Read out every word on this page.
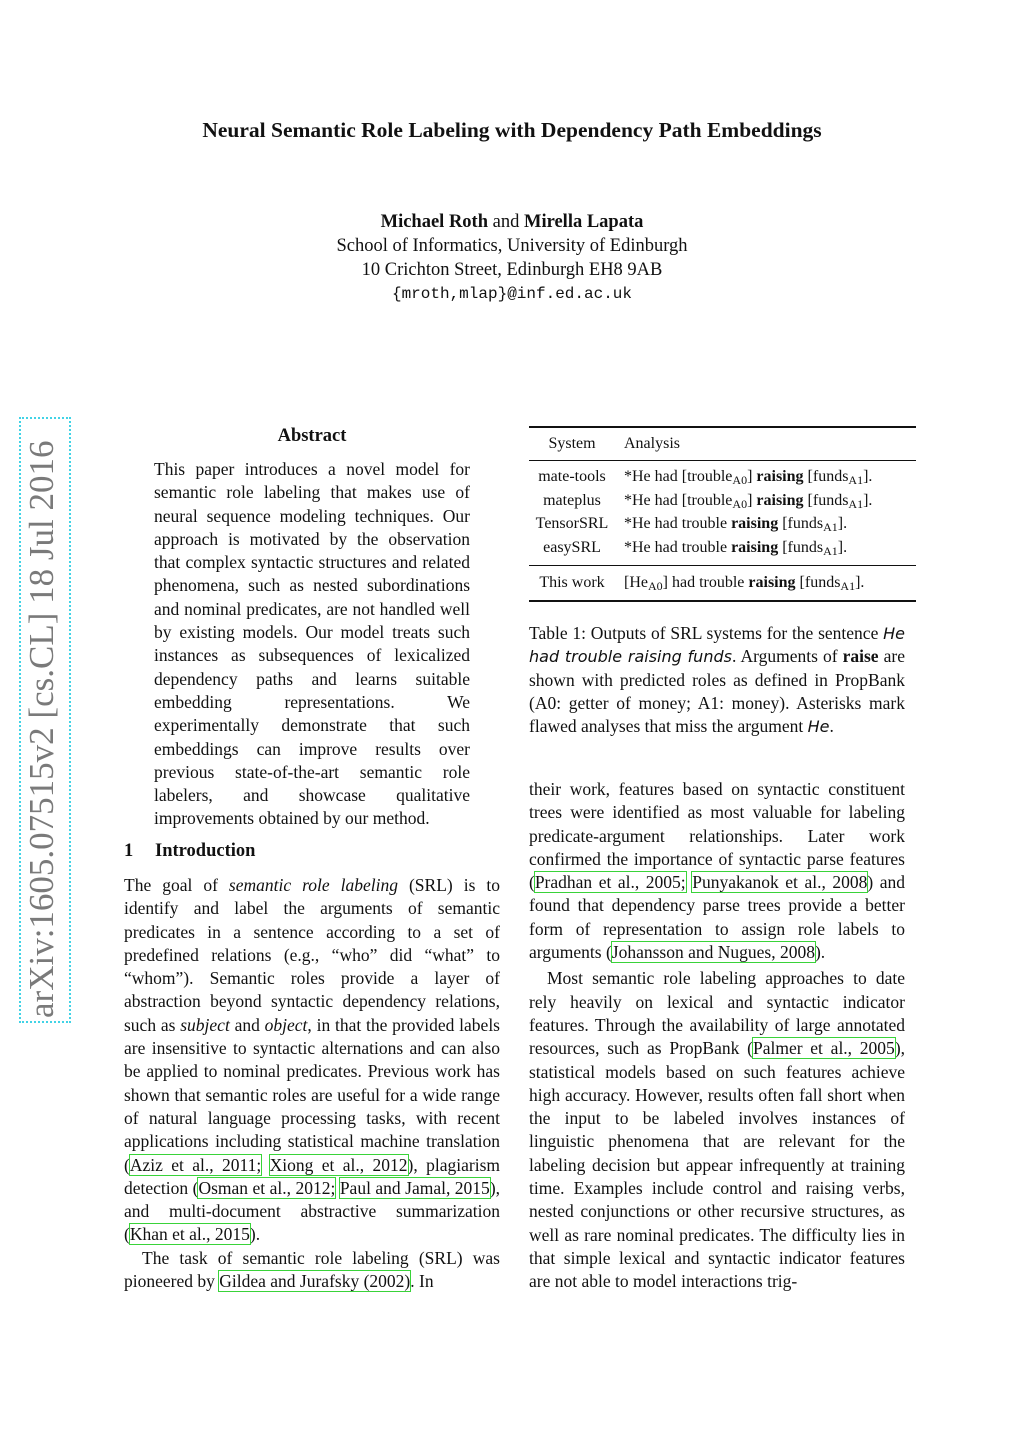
Neural Semantic Role Labeling with Dependency Path Embeddings
Michael Roth and Mirella Lapata
School of Informatics, University of Edinburgh
10 Crichton Street, Edinburgh EH8 9AB
{mroth,mlap}@inf.ed.ac.uk
arXiv:1605.07515v2 [cs.CL] 18 Jul 2016
Abstract
This paper introduces a novel model for semantic role labeling that makes use of neural sequence modeling techniques. Our approach is motivated by the observation that complex syntactic structures and related phenomena, such as nested subordinations and nominal predicates, are not handled well by existing models. Our model treats such instances as subsequences of lexicalized dependency paths and learns suitable embedding representations. We experimentally demonstrate that such embeddings can improve results over previous state-of-the-art semantic role labelers, and showcase qualitative improvements obtained by our method.
1 Introduction

The goal of semantic role labeling (SRL) is to identify and label the arguments of semantic predicates in a sentence according to a set of predefined relations (e.g., “who” did “what” to “whom”). Semantic roles provide a layer of abstraction beyond syntactic dependency relations, such as subject and object, in that the provided labels are insensitive to syntactic alternations and can also be applied to nominal predicates. Previous work has shown that semantic roles are useful for a wide range of natural language processing tasks, with recent applications including statistical machine translation (Aziz et al., 2011; Xiong et al., 2012), plagiarism detection (Osman et al., 2012; Paul and Jamal, 2015), and multi-document abstractive summarization (Khan et al., 2015).

The task of semantic role labeling (SRL) was pioneered by Gildea and Jurafsky (2002). In

System	Analysis
mate-tools	*He had [trouble$_{A0}$] raising [funds$_{A1}$].
mateplus	*He had [trouble$_{A0}$] raising [funds$_{A1}$].
TensorSRL *He had trouble raising [funds$_{A1}$].
easySRL	*He had trouble raising [funds$_{A1}$].
This work	$[He_{A0}]$ had trouble raising [funds$_{A1}$].
Table 1: Outputs of SRL systems for the sentence He had trouble raising funds. Arguments of raise are shown with predicted roles as defined in PropBank (A0: getter of money; A1: money). Asterisks mark flawed analyses that miss the argument He.

their work, features based on syntactic constituent trees were identified as most valuable for labeling predicate-argument relationships. Later work confirmed the importance of syntactic parse features (Pradhan et al., 2005; Punyakanok et al., 2008) and found that dependency parse trees provide a better form of representation to assign role labels to arguments (Johansson and Nugues, 2008).

Most semantic role labeling approaches to date rely heavily on lexical and syntactic indicator features. Through the availability of large annotated resources, such as PropBank (Palmer et al., 2005), statistical models based on such features achieve high accuracy. However, results often fall short when the input to be labeled involves instances of linguistic phenomena that are relevant for the labeling decision but appear infrequently at training time. Examples include control and raising verbs, nested conjunctions or other recursive structures, as well as rare nominal predicates. The difficulty lies in that simple lexical and syntactic indicator features are not able to model interactions trig-
